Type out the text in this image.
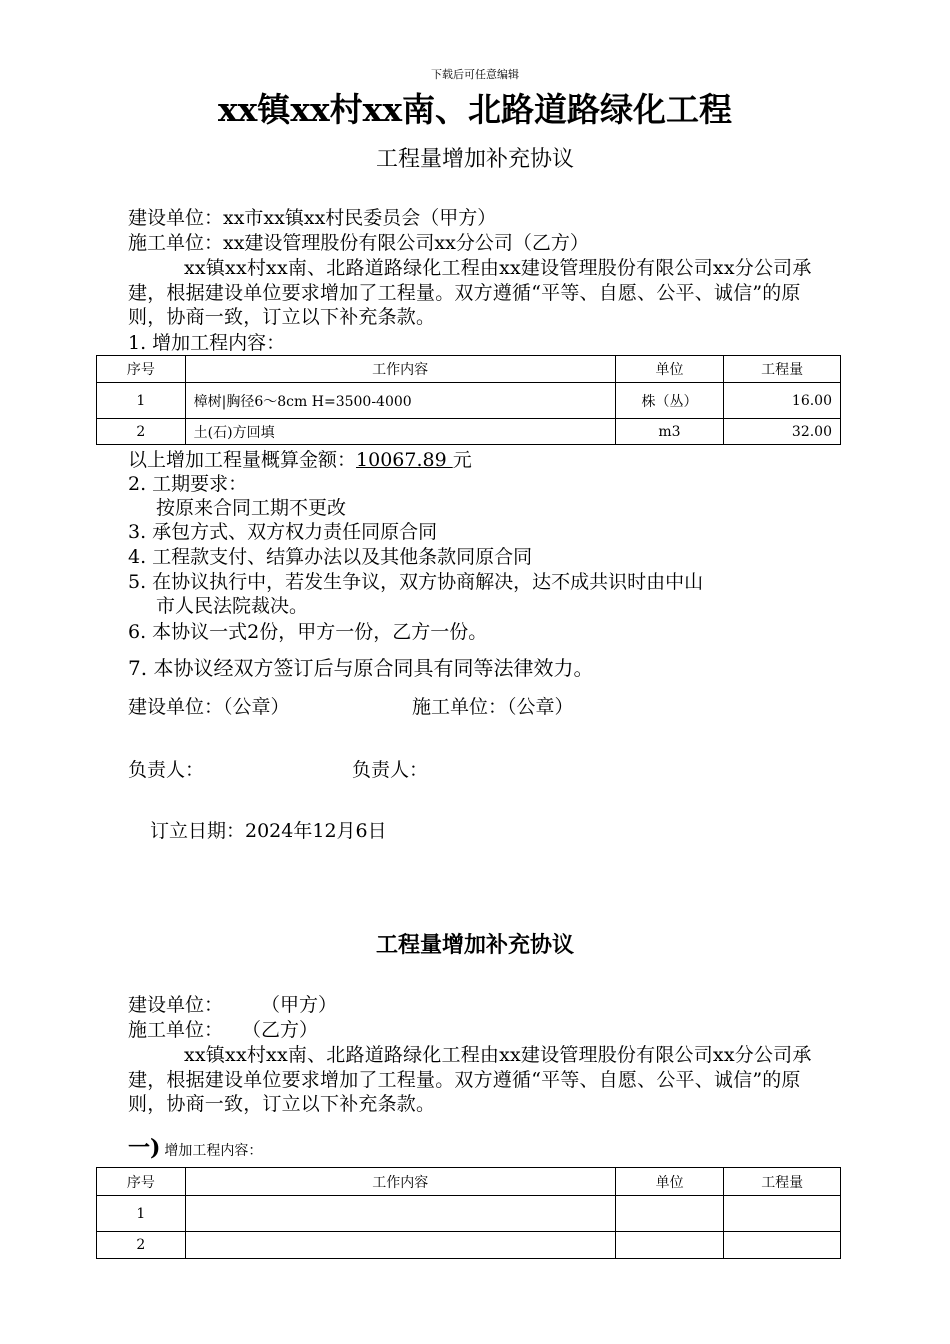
下载后可任意编辑
xx镇xx村xx南、北路道路绿化工程
工程量增加补充协议
建设单位：xx市xx镇xx村民委员会（甲方）
施工单位：xx建设管理股份有限公司xx分公司（乙方）
xx镇xx村xx南、北路道路绿化工程由xx建设管理股份有限公司xx分公司承建，根据建设单位要求增加了工程量。双方遵循“平等、自愿、公平、诚信”的原则，协商一致，订立以下补充条款。
1. 增加工程内容：
序号	工作内容	单位	工程量
1	樟树|胸径6～8cm H=3500-4000	株（丛）	16.00
2	土(石)方回填	m3	32.00
以上增加工程量概算金额：10067.89 元
2. 工期要求：
按原来合同工期不更改
3. 承包方式、双方权力责任同原合同
4. 工程款支付、结算办法以及其他条款同原合同
5. 在协议执行中，若发生争议，双方协商解决，达不成共识时由中山
市人民法院裁决。
6. 本协议一式2份，甲方一份，乙方一份。
7. 本协议经双方签订后与原合同具有同等法律效力。
建设单位：（公章）	施工单位：（公章）
负责人：	负责人：
订立日期：2024年12月6日
工程量增加补充协议
建设单位：　　　（甲方）
施工单位：　　（乙方）
xx镇xx村xx南、北路道路绿化工程由xx建设管理股份有限公司xx分公司承建，根据建设单位要求增加了工程量。双方遵循“平等、自愿、公平、诚信”的原则，协商一致，订立以下补充条款。
一) 增加工程内容：
序号	工作内容	单位	工程量
1			
2			
